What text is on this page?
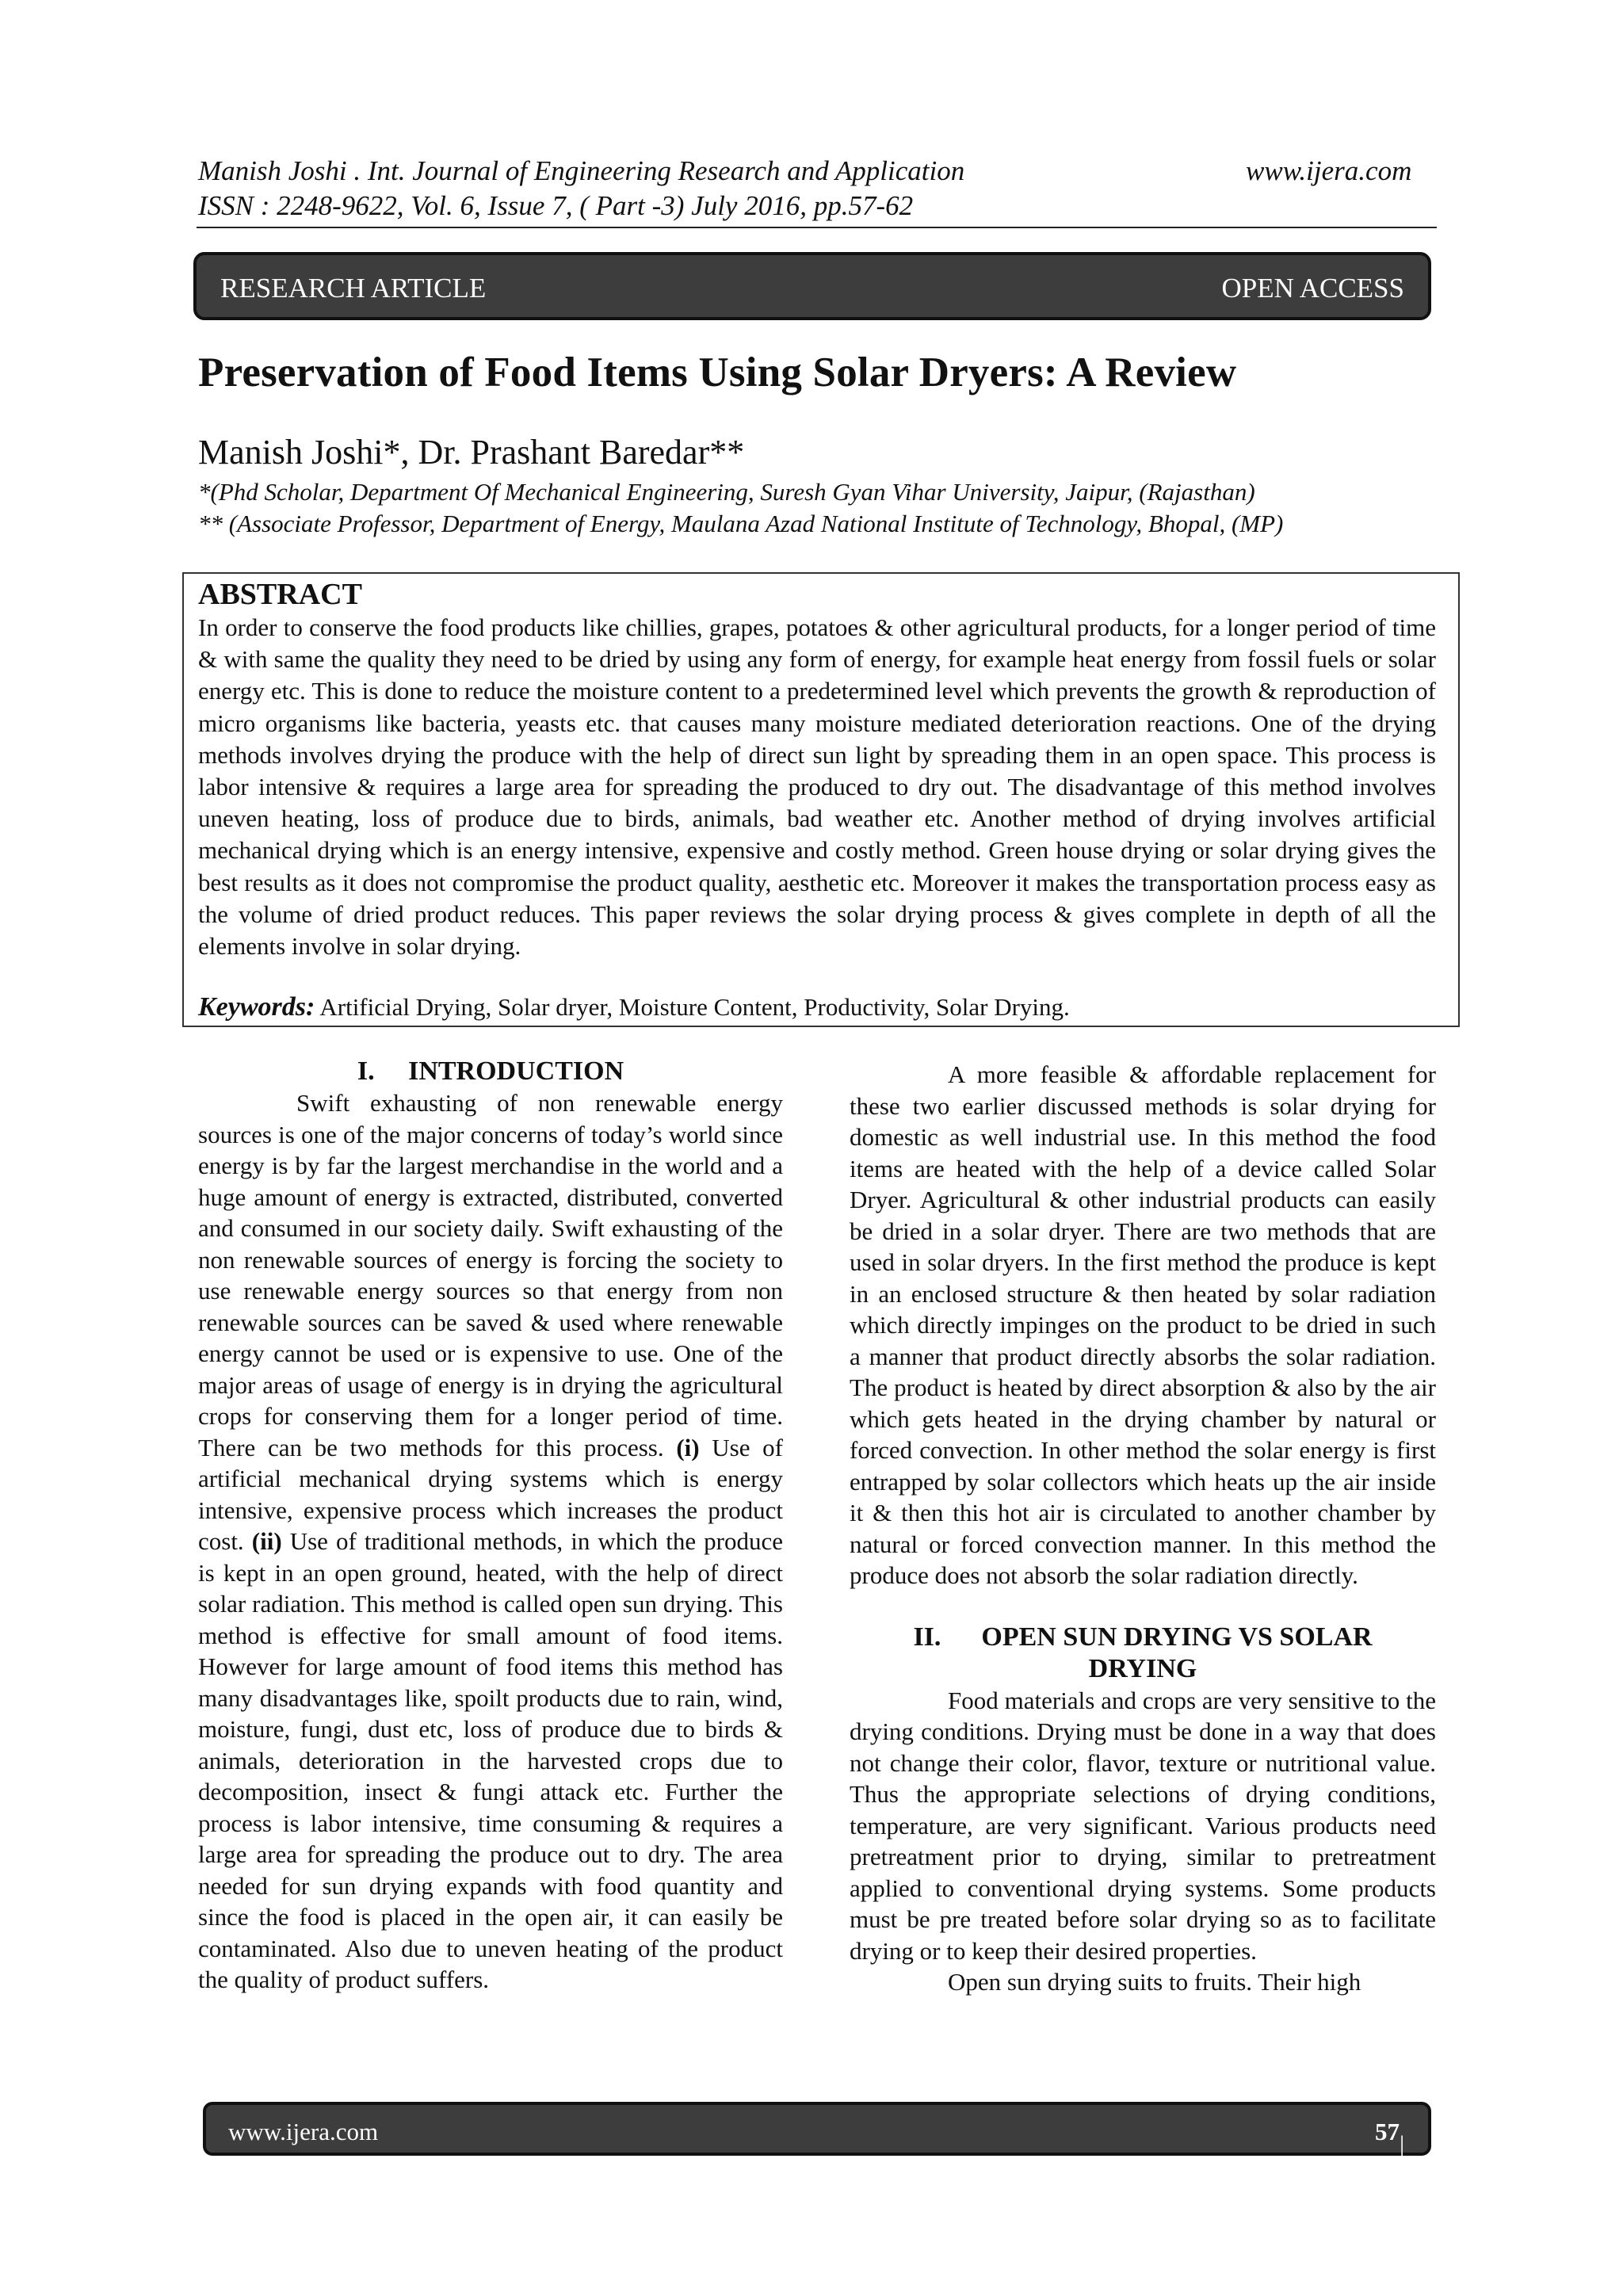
Manish Joshi . Int. Journal of Engineering Research and Application	www.ijera.com
ISSN : 2248-9622, Vol. 6, Issue 7, ( Part -3) July 2016, pp.57-62
RESEARCH ARTICLE	OPEN ACCESS
Preservation of Food Items Using Solar Dryers: A Review
Manish Joshi*, Dr. Prashant Baredar**
*(Phd Scholar, Department Of Mechanical Engineering, Suresh Gyan Vihar University, Jaipur, (Rajasthan)
** (Associate Professor, Department of Energy, Maulana Azad National Institute of Technology, Bhopal, (MP)
ABSTRACT
In order to conserve the food products like chillies, grapes, potatoes & other agricultural products, for a longer period of time & with same the quality they need to be dried by using any form of energy, for example heat energy from fossil fuels or solar energy etc. This is done to reduce the moisture content to a predetermined level which prevents the growth & reproduction of micro organisms like bacteria, yeasts etc. that causes many moisture mediated deterioration reactions. One of the drying methods involves drying the produce with the help of direct sun light by spreading them in an open space. This process is labor intensive & requires a large area for spreading the produced to dry out. The disadvantage of this method involves uneven heating, loss of produce due to birds, animals, bad weather etc. Another method of drying involves artificial mechanical drying which is an energy intensive, expensive and costly method. Green house drying or solar drying gives the best results as it does not compromise the product quality, aesthetic etc. Moreover it makes the transportation process easy as the volume of dried product reduces. This paper reviews the solar drying process & gives complete in depth of all the elements involve in solar drying.
Keywords: Artificial Drying, Solar dryer, Moisture Content, Productivity, Solar Drying.
I. INTRODUCTION

Swift exhausting of non renewable energy sources is one of the major concerns of today’s world since energy is by far the largest merchandise in the world and a huge amount of energy is extracted, distributed, converted and consumed in our society daily. Swift exhausting of the non renewable sources of energy is forcing the society to use renewable energy sources so that energy from non renewable sources can be saved & used where renewable energy cannot be used or is expensive to use. One of the major areas of usage of energy is in drying the agricultural crops for conserving them for a longer period of time. There can be two methods for this process. (i) Use of artificial mechanical drying systems which is energy intensive, expensive process which increases the product cost. (ii) Use of traditional methods, in which the produce is kept in an open ground, heated, with the help of direct solar radiation. This method is called open sun drying. This method is effective for small amount of food items. However for large amount of food items this method has many disadvantages like, spoilt products due to rain, wind, moisture, fungi, dust etc, loss of produce due to birds & animals, deterioration in the harvested crops due to decomposition, insect & fungi attack etc. Further the process is labor intensive, time consuming & requires a large area for spreading the produce out to dry. The area needed for sun drying expands with food quantity and since the food is placed in the open air, it can easily be contaminated. Also due to uneven heating of the product the quality of product suffers.

A more feasible & affordable replacement for these two earlier discussed methods is solar drying for domestic as well industrial use. In this method the food items are heated with the help of a device called Solar Dryer. Agricultural & other industrial products can easily be dried in a solar dryer. There are two methods that are used in solar dryers. In the first method the produce is kept in an enclosed structure & then heated by solar radiation which directly impinges on the product to be dried in such a manner that product directly absorbs the solar radiation. The product is heated by direct absorption & also by the air which gets heated in the drying chamber by natural or forced convection. In other method the solar energy is first entrapped by solar collectors which heats up the air inside it & then this hot air is circulated to another chamber by natural or forced convection manner. In this method the produce does not absorb the solar radiation directly.

II. OPEN SUN DRYING VS SOLAR
DRYING

Food materials and crops are very sensitive to the drying conditions. Drying must be done in a way that does not change their color, flavor, texture or nutritional value. Thus the appropriate selections of drying conditions, temperature, are very significant. Various products need pretreatment prior to drying, similar to pretreatment applied to conventional drying systems. Some products must be pre treated before solar drying so as to facilitate drying or to keep their desired properties.

Open sun drying suits to fruits. Their high

www.ijera.com	57 | P a g e
